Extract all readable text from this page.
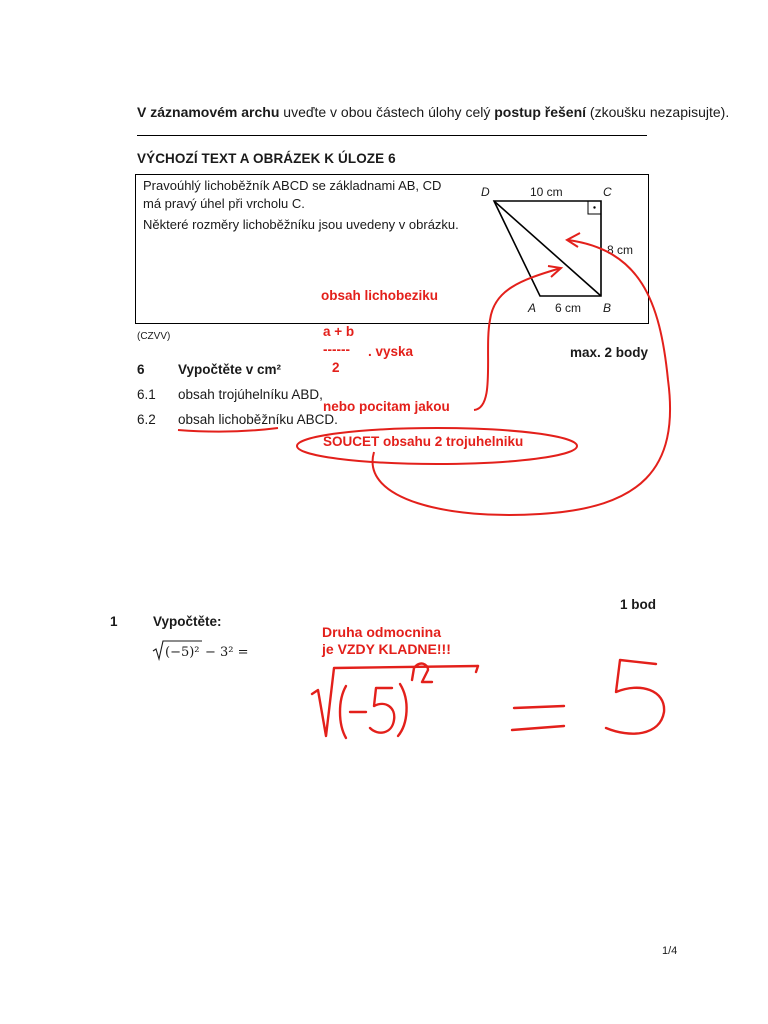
V záznamovém archu uveďte v obou částech úlohy celý postup řešení (zkoušku nezapisujte).
VÝCHOZÍ TEXT A OBRÁZEK K ÚLOZE 6
Pravoúhlý lichoběžník ABCD se základnami AB, CD
má pravý úhel při vrcholu C.
Některé rozměry lichoběžníku jsou uvedeny v obrázku.
D	C
A	B
10 cm
8 cm
6 cm
obsah lichobeziku
a + b
------ . vyska
2
nebo pocitam jakou
SOUCET obsahu 2 trojuhelniku
(CZVV)
6 Vypočtěte v cm²
max. 2 body
6.1 obsah trojúhelníku ABD,
6.2 obsah lichoběžníku ABCD.
1 bod
1	Vypočtěte:
(−5)² − 3² =
Druha odmocnina
je VZDY KLADNE!!!
1/4
